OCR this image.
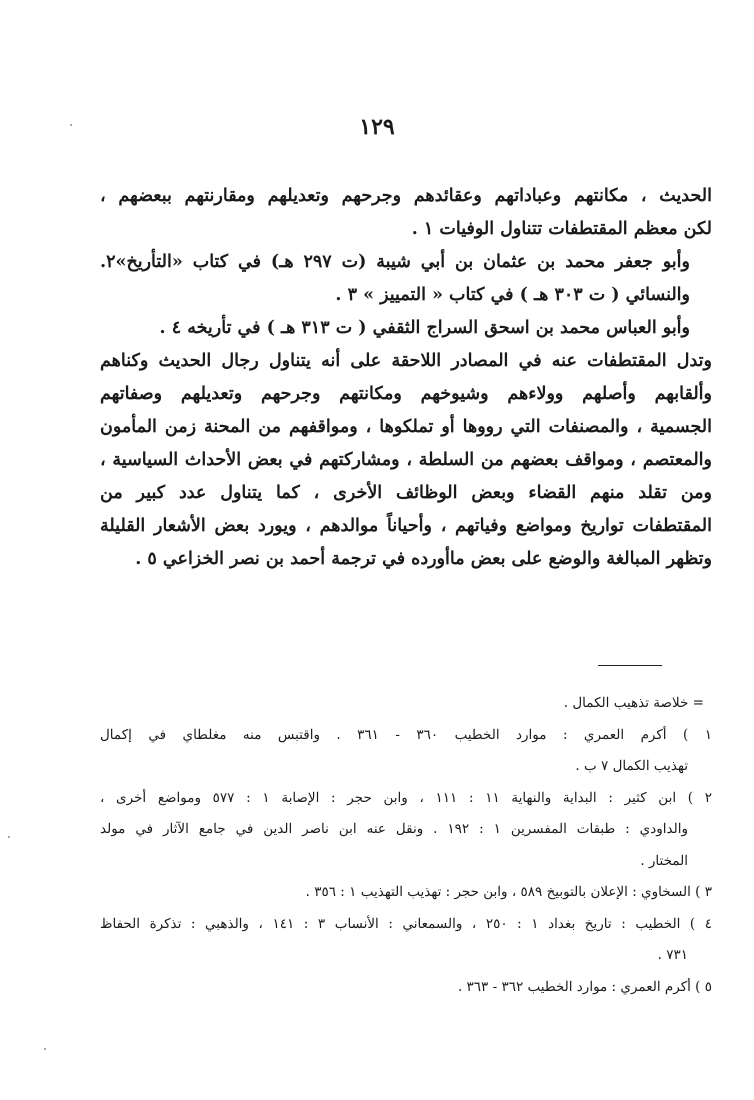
١٢٩
الحديث ، مكانتهم وعباداتهم وعقائدهم وجرحهم وتعديلهم ومقارنتهم ببعضهم ،
لكن معظم المقتطفات تتناول الوفيات ١ .
وأبو جعفر محمد بن عثمان بن أبي شيبة (ت ٢٩٧ هـ) في كتاب «التأريخ»٢.
والنسائي ( ت ٣٠٣ هـ ) في كتاب « التمييز » ٣ .
وأبو العباس محمد بن اسحق السراج الثقفي ( ت ٣١٣ هـ ) في تأريخه ٤ .
وتدل المقتطفات عنه في المصادر اللاحقة على أنه يتناول رجال الحديث وكناهم
وألقابهم وأصلهم وولاءهم وشيوخهم ومكانتهم وجرحهم وتعديلهم وصفاتهم
الجسمية ، والمصنفات التي رووها أو تملكوها ، ومواقفهم من المحنة زمن المأمون
والمعتصم ، ومواقف بعضهم من السلطة ، ومشاركتهم في بعض الأحداث السياسية ،
ومن تقلد منهم القضاء وبعض الوظائف الأخرى ، كما يتناول عدد كبير من
المقتطفات تواريخ ومواضع وفياتهم ، وأحياناً موالدهم ، ويورد بعض الأشعار القليلة
وتظهر المبالغة والوضع على بعض ماأورده في ترجمة أحمد بن نصر الخزاعي ٥ .
= خلاصة تذهيب الكمال .
١ ) أكرم العمري : موارد الخطيب ٣٦٠ - ٣٦١ . واقتبس منه مغلطاي في إكمال
تهذيب الكمال ٧ ب .
٢ ) ابن كثير : البداية والنهاية ١١ : ١١١ ، وابن حجر : الإصابة ١ : ٥٧٧ ومواضع أخرى ،
والداودي : طبقات المفسرين ١ : ١٩٢ . ونقل عنه ابن ناصر الدين في جامع الآثار في مولد
المختار .
٣ ) السخاوي : الإعلان بالتوبيخ ٥٨٩ ، وابن حجر : تهذيب التهذيب ١ : ٣٥٦ .
٤ ) الخطيب : تاريخ بغداد ١ : ٢٥٠ ، والسمعاني : الأنساب ٣ : ١٤١ ، والذهبي : تذكرة الحفاظ
٧٣١ .
٥ ) أكرم العمري : موارد الخطيب ٣٦٢ - ٣٦٣ .
